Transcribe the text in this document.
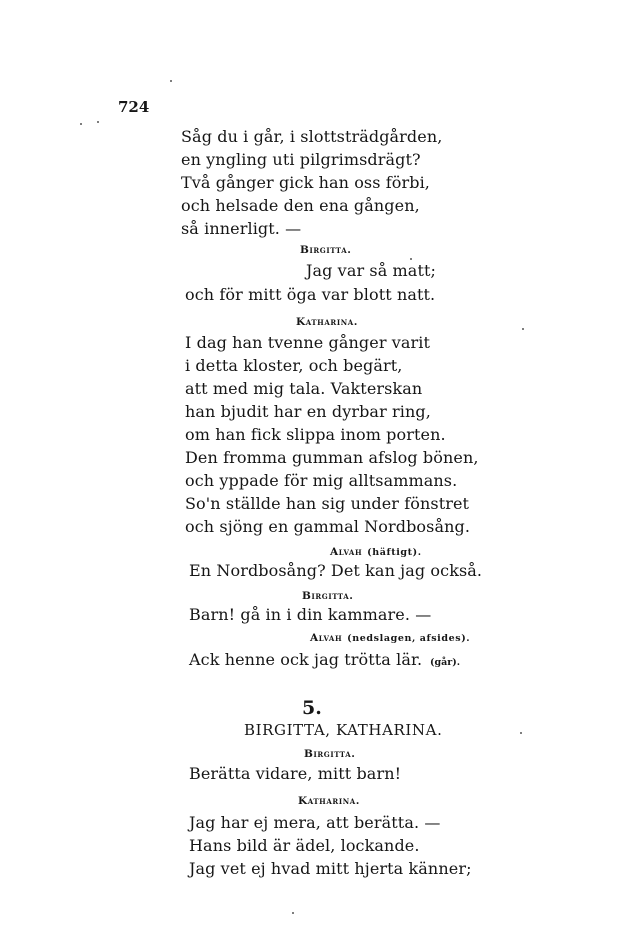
724
Såg du i går, i slottsträdgården,
en yngling uti pilgrimsdrägt?
Två gånger gick han oss förbi,
och helsade den ena gången,
så innerligt. —
Birgitta.
Jag var så matt;
och för mitt öga var blott natt.
Katharina.
I dag han tvenne gånger varit
i detta kloster, och begärt,
att med mig tala. Vakterskan
han bjudit har en dyrbar ring,
om han fick slippa inom porten.
Den fromma gumman afslog bönen,
och yppade för mig alltsammans.
So'n ställde han sig under fönstret
och sjöng en gammal Nordbosång.
Alvah (häftigt).
En Nordbosång? Det kan jag också.
Birgitta.
Barn! gå in i din kammare. —
Alvah (nedslagen, afsides).
Ack henne ock jag trötta lär. (går).
5.
BIRGITTA, KATHARINA.
Birgitta.
Berätta vidare, mitt barn!
Katharina.
Jag har ej mera, att berätta. —
Hans bild är ädel, lockande.
Jag vet ej hvad mitt hjerta känner;
